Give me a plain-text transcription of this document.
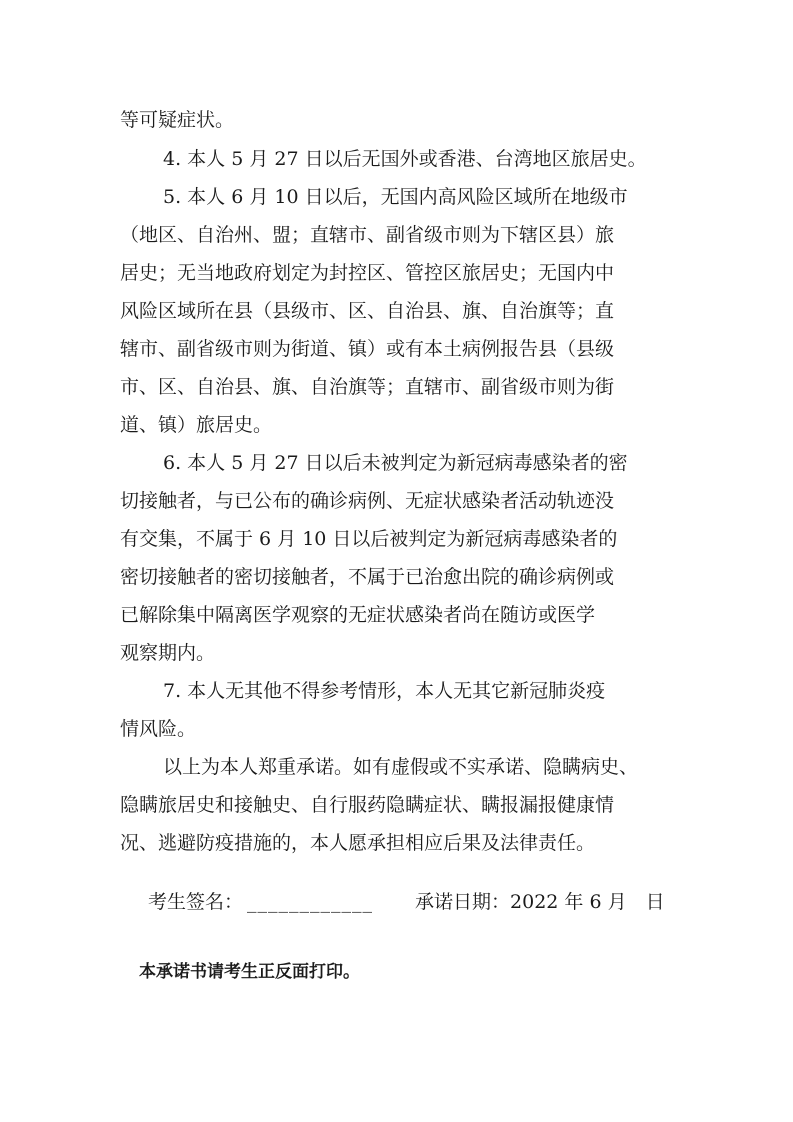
等可疑症状。
4. 本人 5 月 27 日以后无国外或香港、台湾地区旅居史。
5. 本人 6 月 10 日以后，无国内高风险区域所在地级市
（地区、自治州、盟；直辖市、副省级市则为下辖区县）旅
居史；无当地政府划定为封控区、管控区旅居史；无国内中
风险区域所在县（县级市、区、自治县、旗、自治旗等；直
辖市、副省级市则为街道、镇）或有本土病例报告县（县级
市、区、自治县、旗、自治旗等；直辖市、副省级市则为街
道、镇）旅居史。
6. 本人 5 月 27 日以后未被判定为新冠病毒感染者的密
切接触者，与已公布的确诊病例、无症状感染者活动轨迹没
有交集，不属于 6 月 10 日以后被判定为新冠病毒感染者的
密切接触者的密切接触者，不属于已治愈出院的确诊病例或
已解除集中隔离医学观察的无症状感染者尚在随访或医学
观察期内。
7. 本人无其他不得参考情形，本人无其它新冠肺炎疫
情风险。
以上为本人郑重承诺。如有虚假或不实承诺、隐瞒病史、
隐瞒旅居史和接触史、自行服药隐瞒症状、瞒报漏报健康情
况、逃避防疫措施的，本人愿承担相应后果及法律责任。
考生签名： ____________ 承诺日期：2022 年 6 月　日
本承诺书请考生正反面打印。
